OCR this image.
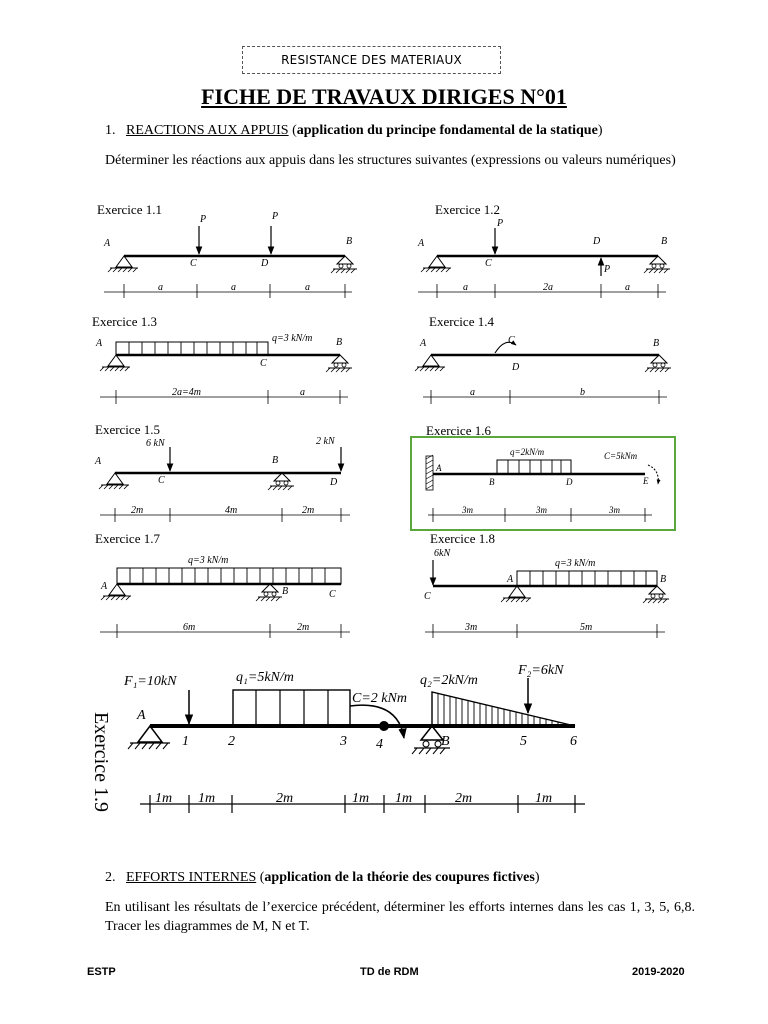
RESISTANCE DES MATERIAUX
FICHE DE TRAVAUX DIRIGES N°01
1. REACTIONS AUX APPUIS (application du principe fondamental de la statique)
Déterminer les réactions aux appuis dans les structures suivantes (expressions ou valeurs numériques)
Exercice 1.1
P	P
A	B
C	D
a	a	a
Exercice 1.2
P
P
A	B
C
D
a	2a	a
Exercice 1.3
q=3 kN/m
A	B
C
2a=4m	a
Exercice 1.4
A	B
C
D
a	b
Exercice 1.5
6 kN	2 kN
A	B
C	D
2m	4m	2m
Exercice 1.6
q=2kN/m	C=5kNm
A
B	D	E
3m	3m	3m
Exercice 1.7
q=3 kN/m
A	B	C
6m	2m
Exercice 1.8
6kN
q=3 kN/m
C
A	B
3m	5m
Exercice 1.9
F₁=10kN	q₁=5kN/m
C=2 kNm
q₂=2kN/m
F₂=6kN
A
B
1	2	3 4	5	6
1m 1m	2m	1m 1m	2m	1m
2. EFFORTS INTERNES (application de la théorie des coupures fictives)
En utilisant les résultats de l’exercice précédent, déterminer les efforts internes dans les cas 1, 3, 5, 6,8. Tracer les diagrammes de M, N et T.
ESTP	TD de RDM	2019-2020
